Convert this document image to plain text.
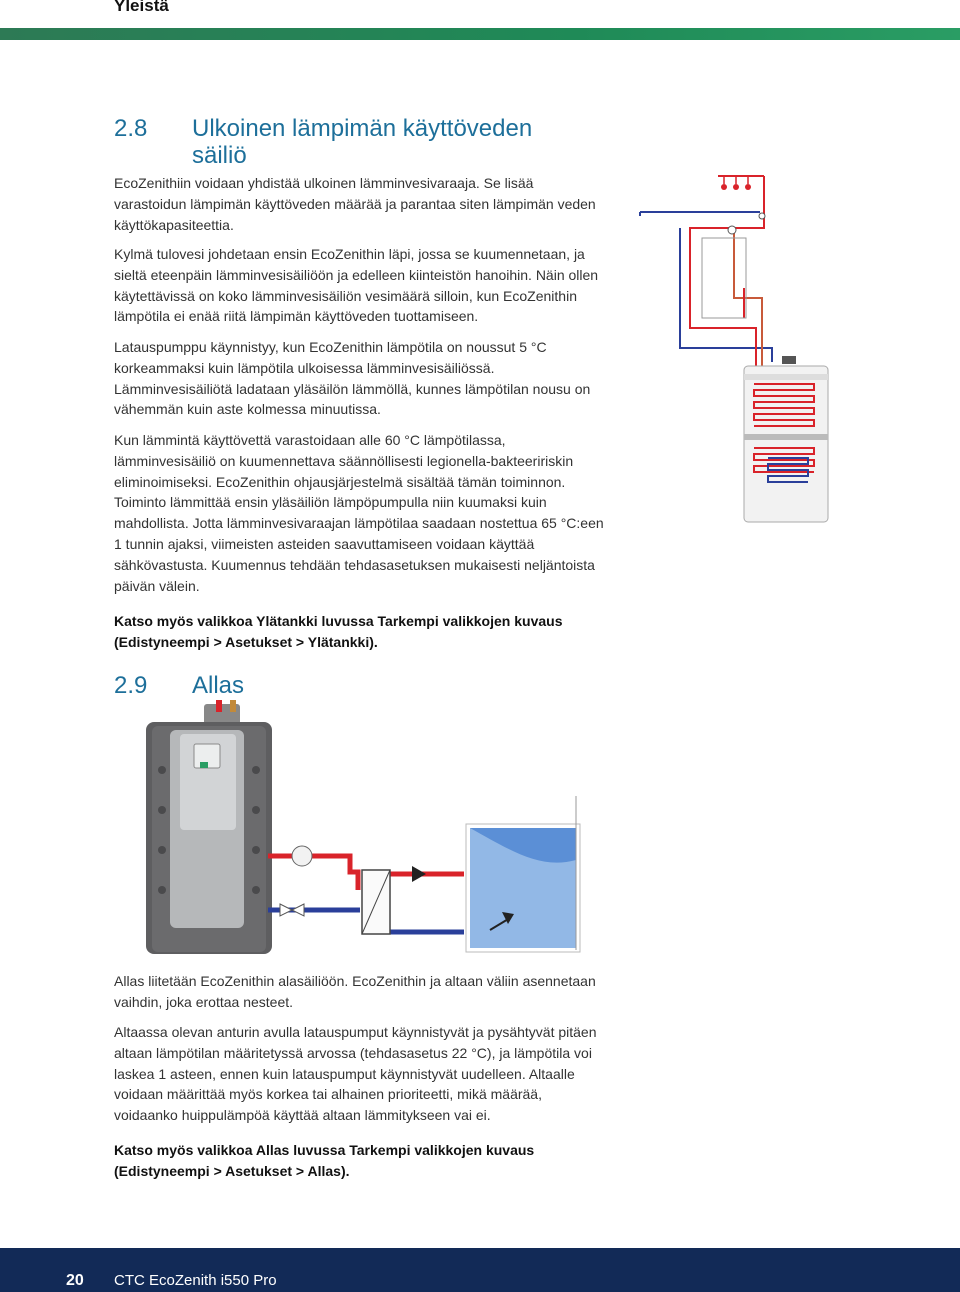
Yleistä
2.8 Ulkoinen lämpimän käyttöveden
säiliö
EcoZenithiin voidaan yhdistää ulkoinen lämminvesivaraaja. Se lisää varastoidun lämpimän käyttöveden määrää ja parantaa siten lämpimän veden käyttökapasiteettia.
Kylmä tulovesi johdetaan ensin EcoZenithin läpi, jossa se kuumennetaan, ja sieltä eteenpäin lämminvesisäiliöön ja edelleen kiinteistön hanoihin. Näin ollen käytettävissä on koko lämminvesisäiliön vesimäärä silloin, kun EcoZenithin lämpötila ei enää riitä lämpimän käyttöveden tuottamiseen.
Latauspumppu käynnistyy, kun EcoZenithin lämpötila on noussut 5 °C korkeammaksi kuin lämpötila ulkoisessa lämminvesisäiliössä. Lämminvesisäiliötä ladataan yläsäilön lämmöllä, kunnes lämpötilan nousu on vähemmän kuin aste kolmessa minuutissa.
Kun lämmintä käyttövettä varastoidaan alle 60 °C lämpötilassa, lämminvesisäiliö on kuumennettava säännöllisesti legionella-bakteeririskin eliminoimiseksi. EcoZenithin ohjausjärjestelmä sisältää tämän toiminnon. Toiminto lämmittää ensin yläsäiliön lämpöpumpulla niin kuumaksi kuin mahdollista. Jotta lämminvesivaraajan lämpötilaa saadaan nostettua 65 °C:een 1 tunnin ajaksi, viimeisten asteiden saavuttamiseen voidaan käyttää sähkövastusta. Kuumennus tehdään tehdasasetuksen mukaisesti neljäntoista päivän välein.
Katso myös valikkoa Ylätankki luvussa Tarkempi valikkojen kuvaus (Edistyneempi > Asetukset > Ylätankki).
2.9 Allas
Allas liitetään EcoZenithin alasäiliöön. EcoZenithin ja altaan väliin asennetaan vaihdin, joka erottaa nesteet.
Altaassa olevan anturin avulla latauspumput käynnistyvät ja pysähtyvät pitäen altaan lämpötilan määritetyssä arvossa (tehdasasetus 22 °C), ja lämpötila voi laskea 1 asteen, ennen kuin latauspumput käynnistyvät uudelleen. Altaalle voidaan määrittää myös korkea tai alhainen prioriteetti, mikä määrää, voidaanko huippulämpöä käyttää altaan lämmitykseen vai ei.
Katso myös valikkoa Allas luvussa Tarkempi valikkojen kuvaus (Edistyneempi > Asetukset > Allas).
20 CTC EcoZenith i550 Pro
